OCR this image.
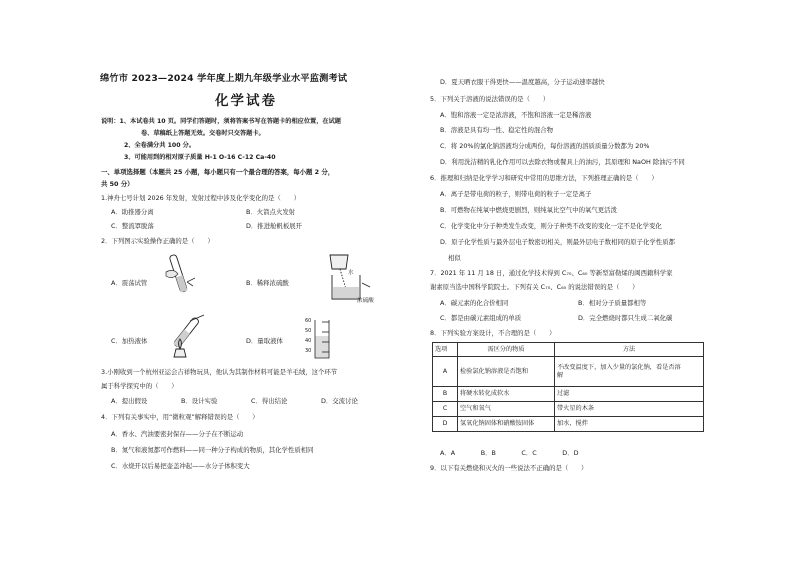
绵竹市 2023—2024 学年度上期九年级学业水平监测考试
化学试卷
说明：1、本试卷共 10 页。同学们答题时，须将答案书写在答题卡的相应位置，在试题
卷、草稿纸上答题无效。交卷时只交答题卡。
2、全卷满分共 100 分。
3、可能用到的相对原子质量 H-1 O-16 C-12 Ca-40
一、单项选择题（本题共 25 小题，每小题只有一个最合理的答案，每小题 2 分，
共 50 分）
1.神舟七号计划 2026 年发射，发射过程中涉及化学变化的是（　　）
A．助推器分离	B．火箭点火发射
C．整流罩脱落	D．推进舱帆板展开
2．下列图示实验操作正确的是（　　）
A．震荡试管
水
浓硫酸
B．稀释浓硫酸
C．加热液体
60
50
40
30
D．量取液体
3.小刚收到一个杭州亚运会吉祥物玩具，他认为其制作材料可能是羊毛绒，这个环节
属于科学探究中的（　　）
A．提出假设	B．设计实验	C．得出结论	D．交流讨论
4．下列有关事实中，用“微粒观”解释错误的是（　　）
A．香水、汽油要密封保存——分子在不断运动
B．氮气和液氮都可作燃料——同一种分子构成的物质，其化学性质相同
C．水烧开以后易把壶盖冲起——水分子体积变大
D．夏天晒衣服干得更快——温度越高，分子运动速率越快
5．下列关于溶液的说法错误的是（　　）
A．饱和溶液一定是浓溶液，不饱和溶液一定是稀溶液
B．溶液是具有均一性、稳定性的混合物
C．将 20%的氯化钠溶液均分成两份，每份溶液的溶质质量分数都为 20%
D．利用洗洁精的乳化作用可以去除衣物或餐具上的油污，其原理和 NaOH 除油污不同
6．推理和归纳是化学学习和研究中常用的思维方法，下列推理正确的是（　　）
A．离子是带电荷的粒子，则带电荷的粒子一定是离子
B．可燃物在纯氧中燃烧更剧烈，则纯氧比空气中的氧气更活泼
C．化学变化中分子种类发生改变，则分子种类不改变的变化一定不是化学变化
D．原子化学性质与最外层电子数密切相关，则最外层电子数相同的原子化学性质都
相似
7．2021 年 11 月 18 日，通过化学技术得到 C₇₀、C₆₀ 等新型富勒烯的闽西籍科学家
谢素原当选中国科学院院士。下列有关 C₇₀、C₆₀ 的说法错误的是（　　）
A．碳元素的化合价相同	B．相对分子质量都相等
C．都是由碳元素组成的单质	D．完全燃烧时都只生成二氧化碳
8．下列实验方案设计，不合理的是（　　）
选项	需区分的物质	方法
A	检验氯化钠溶液是否饱和	不改变温度下，加入少量的氯化钠，看是否溶
解

B	将硬水转化成软水	过滤
C	空气和氧气	带火星的木条
D	氢氧化钠固体和硝酸铵固体	加水，搅拌
A．A　　　　B．B　　　　C．C　　　　D．D
9．以下有关燃烧和灭火的一些说法不正确的是（　　）
